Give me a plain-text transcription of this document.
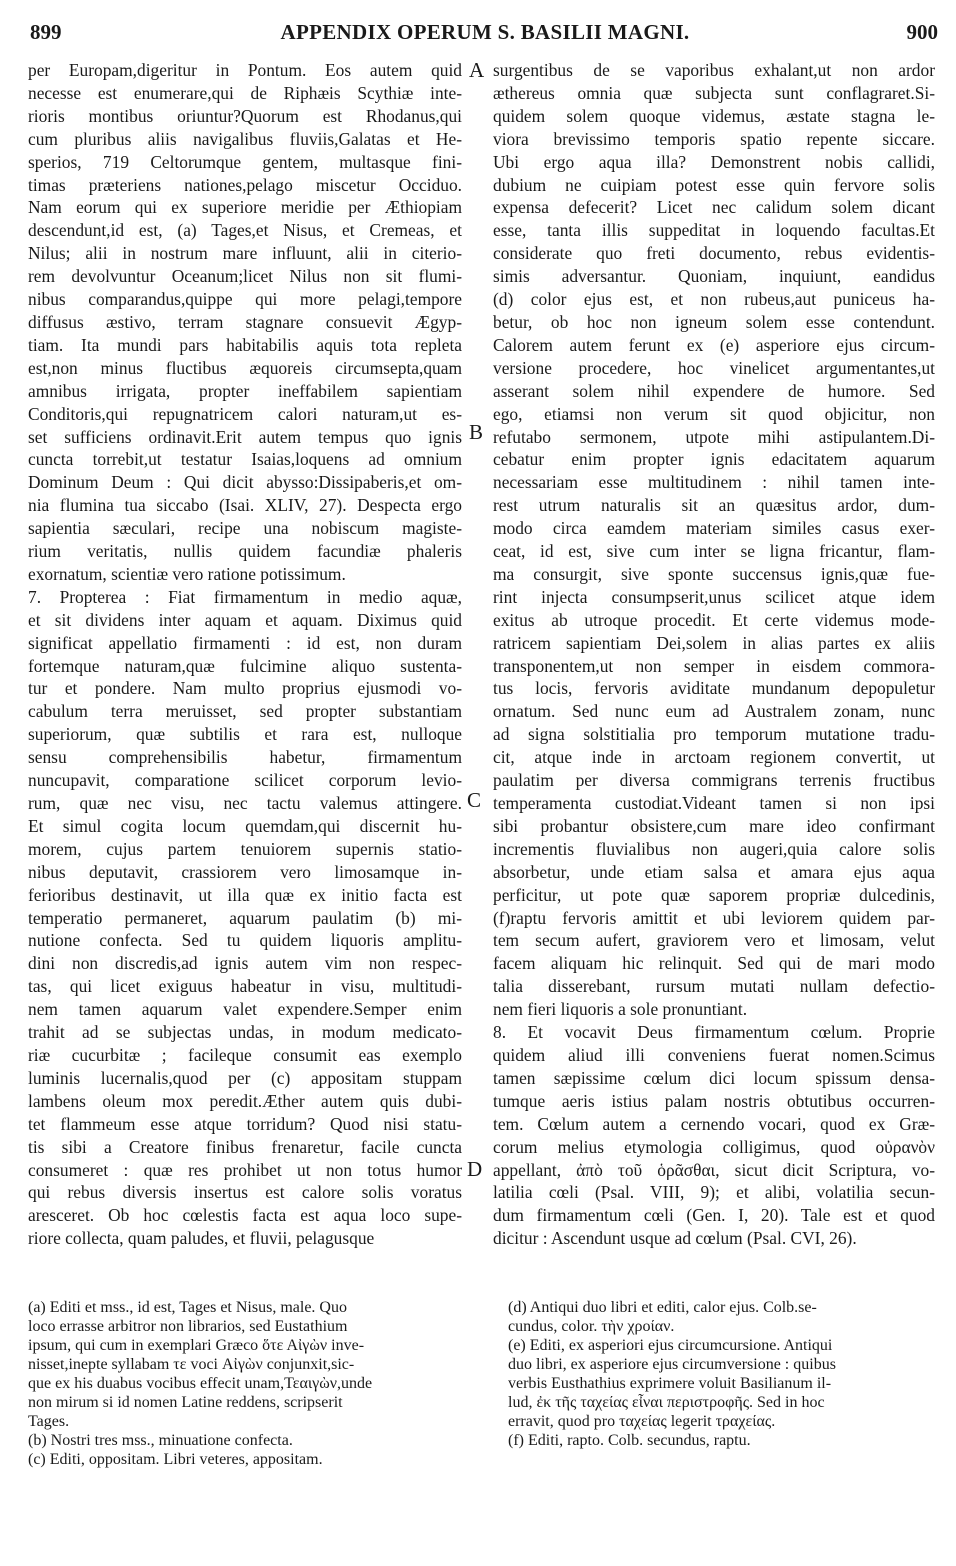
899	APPENDIX OPERUM S. BASILII MAGNI.	900
A
B
C
D
per Europam,digeritur in Pontum. Eos autem quid
necesse est enumerare,qui de Riphæis Scythiæ inte-
rioris montibus oriuntur?Quorum est Rhodanus,qui
cum pluribus aliis navigalibus fluviis,Galatas et He-
sperios, 719 Celtorumque gentem, multasque fini-
timas præteriens nationes,pelago miscetur Occiduo.
Nam eorum qui ex superiore meridie per Æthiopiam
descendunt,id est, (a) Tages,et Nisus, et Cremeas, et
Nilus; alii in nostrum mare influunt, alii in citerio-
rem devolvuntur Oceanum;licet Nilus non sit flumi-
nibus comparandus,quippe qui more pelagi,tempore
diffusus æstivo, terram stagnare consuevit Ægyp-
tiam. Ita mundi pars habitabilis aquis tota repleta
est,non minus fluctibus æquoreis circumsepta,quam
amnibus irrigata, propter ineffabilem sapientiam
Conditoris,qui repugnatricem calori naturam,ut es-
set sufficiens ordinavit.Erit autem tempus quo ignis
cuncta torrebit,ut testatur Isaias,loquens ad omnium
Dominum Deum : Qui dicit abysso:Dissipaberis,et om-
nia flumina tua siccabo (Isai. XLIV, 27). Despecta ergo
sapientia sæculari, recipe una nobiscum magiste-
rium veritatis, nullis quidem facundiæ phaleris
exornatum, scientiæ vero ratione potissimum.
7. Propterea : Fiat firmamentum in medio aquæ,
et sit dividens inter aquam et aquam. Diximus quid
significat appellatio firmamenti : id est, non duram
fortemque naturam,quæ fulcimine aliquo sustenta-
tur et pondere. Nam multo proprius ejusmodi vo-
cabulum terra meruisset, sed propter substantiam
superiorum, quæ subtilis et rara est, nulloque
sensu comprehensibilis habetur, firmamentum
nuncupavit, comparatione scilicet corporum levio-
rum, quæ nec visu, nec tactu valemus attingere.
Et simul cogita locum quemdam,qui discernit hu-
morem, cujus partem tenuiorem supernis statio-
nibus deputavit, crassiorem vero limosamque in-
ferioribus destinavit, ut illa quæ ex initio facta est
temperatio permaneret, aquarum paulatim (b) mi-
nutione confecta. Sed tu quidem liquoris amplitu-
dini non discredis,ad ignis autem vim non respec-
tas, qui licet exiguus habeatur in visu, multitudi-
nem tamen aquarum valet expendere.Semper enim
trahit ad se subjectas undas, in modum medicato-
riæ cucurbitæ ; facileque consumit eas exemplo
luminis lucernalis,quod per (c) appositam stuppam
lambens oleum mox peredit.Æther autem quis dubi-
tet flammeum esse atque torridum? Quod nisi statu-
tis sibi a Creatore finibus frenaretur, facile cuncta
consumeret : quæ res prohibet ut non totus humor
qui rebus diversis insertus est calore solis voratus
aresceret. Ob hoc cœlestis facta est aqua loco supe-
riore collecta, quam paludes, et fluvii, pelagusque
surgentibus de se vaporibus exhalant,ut non ardor
æthereus omnia quæ subjecta sunt conflagraret.Si-
quidem solem quoque videmus, æstate stagna le-
viora brevissimo temporis spatio repente siccare.
Ubi ergo aqua illa? Demonstrent nobis callidi,
dubium ne cuipiam potest esse quin fervore solis
expensa defecerit? Licet nec calidum solem dicant
esse, tanta illis suppeditat in loquendo facultas.Et
considerate quo freti documento, rebus evidentis-
simis adversantur. Quoniam, inquiunt, eandidus
(d) color ejus est, et non rubeus,aut puniceus ha-
betur, ob hoc non igneum solem esse contendunt.
Calorem autem ferunt ex (e) asperiore ejus circum-
versione procedere, hoc vinelicet argumentantes,ut
asserant solem nihil expendere de humore. Sed
ego, etiamsi non verum sit quod objicitur, non
refutabo sermonem, utpote mihi astipulantem.Di-
cebatur enim propter ignis edacitatem aquarum
necessariam esse multitudinem : nihil tamen inte-
rest utrum naturalis sit an quæsitus ardor, dum-
modo circa eamdem materiam similes casus exer-
ceat, id est, sive cum inter se ligna fricantur, flam-
ma consurgit, sive sponte succensus ignis,quæ fue-
rint injecta consumpserit,unus scilicet atque idem
exitus ab utroque procedit. Et certe videmus mode-
ratricem sapientiam Dei,solem in alias partes ex aliis
transponentem,ut non semper in eisdem commora-
tus locis, fervoris aviditate mundanum depopuletur
ornatum. Sed nunc eum ad Australem zonam, nunc
ad signa solstitialia pro temporum mutatione tradu-
cit, atque inde in arctoam regionem convertit, ut
paulatim per diversa commigrans terrenis fructibus
temperamenta custodiat.Videant tamen si non ipsi
sibi probantur obsistere,cum mare ideo confirmant
incrementis fluvialibus non augeri,quia calore solis
absorbetur, unde etiam salsa et amara ejus aqua
perficitur, ut pote quæ saporem propriæ dulcedinis,
(f)raptu fervoris amittit et ubi leviorem quidem par-
tem secum aufert, graviorem vero et limosam, velut
facem aliquam hic relinquit. Sed qui de mari modo
talia disserebant, rursum mutati nullam defectio-
nem fieri liquoris a sole pronuntiant.
8. Et vocavit Deus firmamentum cœlum. Proprie
quidem aliud illi conveniens fuerat nomen.Scimus
tamen sæpissime cœlum dici locum spissum densa-
tumque aeris istius palam nostris obtutibus occurren-
tem. Cœlum autem a cernendo vocari, quod ex Græ-
corum melius etymologia colligimus, quod οὐρανὸν
appellant, ἀπὸ τοῦ ὁρᾶσθαι, sicut dicit Scriptura, vo-
latilia cœli (Psal. VIII, 9); et alibi, volatilia secun-
dum firmamentum cœli (Gen. I, 20). Tale est et quod
dicitur : Ascendunt usque ad cœlum (Psal. CVI, 26).
(a) Editi et mss., id est, Tages et Nisus, male. Quo
loco errasse arbitror non librarios, sed Eustathium
ipsum, qui cum in exemplari Græco ὅτε Αἰγὼν inve-
nisset,inepte syllabam τε voci Αἰγὼν conjunxit,sic-
que ex his duabus vocibus effecit unam,Τεαιγὼν,unde
non mirum si id nomen Latine reddens, scripserit
Tages.
(b) Nostri tres mss., minuatione confecta.
(c) Editi, oppositam. Libri veteres, appositam.
(d) Antiqui duo libri et editi, calor ejus. Colb.se-
cundus, color. τὴν χροίαν.
(e) Editi, ex asperiori ejus circumcursione. Antiqui
duo libri, ex asperiore ejus circumversione : quibus
verbis Eusthathius exprimere voluit Basilianum il-
lud, ἐκ τῆς ταχείας εἶναι περιστροφῆς. Sed in hoc
erravit, quod pro ταχείας legerit τραχείας.
(f) Editi, rapto. Colb. secundus, raptu.
